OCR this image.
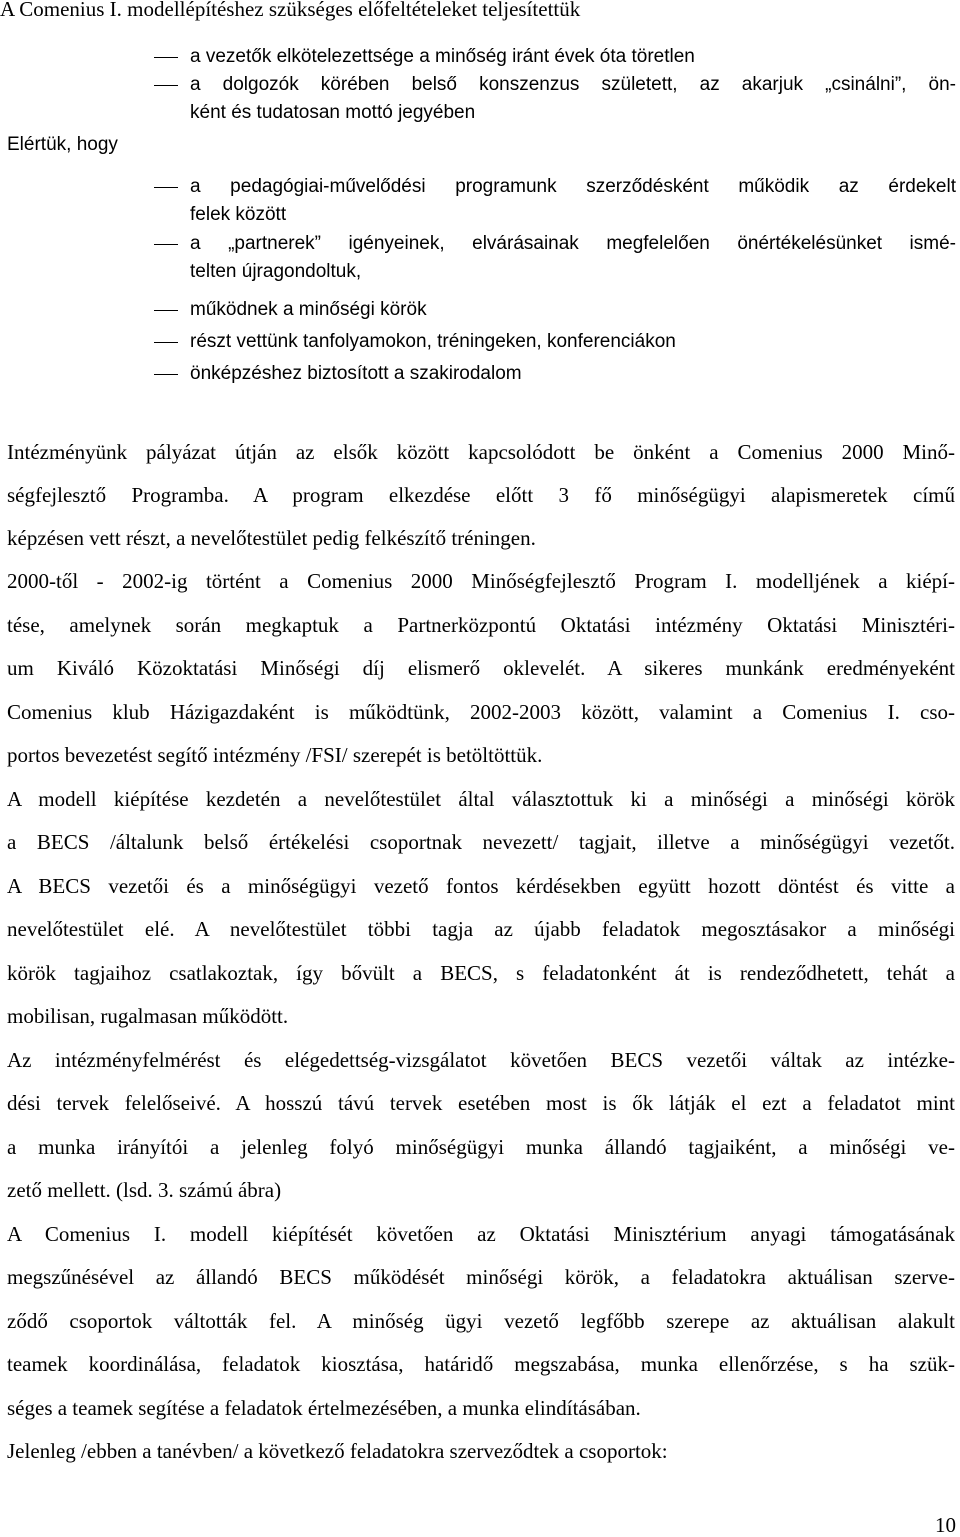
A Comenius I. modellépítéshez szükséges előfeltételeket teljesítettük
Elértük, hogy
a vezetők elkötelezettsége a minőség iránt évek óta töretlen
a dolgozók körében belső konszenzus született, az akarjuk „csinálni”, ön-
ként és tudatosan mottó jegyében
a pedagógiai-művelődési programunk szerződésként működik az érdekelt
felek között
a „partnerek” igényeinek, elvárásainak megfelelően önértékelésünket ismé-
telten újragondoltuk,
működnek a minőségi körök
részt vettünk tanfolyamokon, tréningeken, konferenciákon
önképzéshez biztosított a szakirodalom
Intézményünk pályázat útján az elsők között kapcsolódott be önként a Comenius 2000 Minő-
ségfejlesztő Programba. A program elkezdése előtt 3 fő minőségügyi alapismeretek című
képzésen vett részt, a nevelőtestület pedig felkészítő tréningen.
2000-től - 2002-ig történt a Comenius 2000 Minőségfejlesztő Program I. modelljének a kiépí-
tése, amelynek során megkaptuk a Partnerközpontú Oktatási intézmény Oktatási Minisztéri-
um Kiváló Közoktatási Minőségi díj elismerő oklevelét. A sikeres munkánk eredményeként
Comenius klub Házigazdaként is működtünk, 2002-2003 között, valamint a Comenius I. cso-
portos bevezetést segítő intézmény /FSI/ szerepét is betöltöttük.
A modell kiépítése kezdetén a nevelőtestület által választottuk ki a minőségi a minőségi körök
a BECS /általunk belső értékelési csoportnak nevezett/ tagjait, illetve a minőségügyi vezetőt.
A BECS vezetői és a minőségügyi vezető fontos kérdésekben együtt hozott döntést és vitte a
nevelőtestület elé. A nevelőtestület többi tagja az újabb feladatok megosztásakor a minőségi
körök tagjaihoz csatlakoztak, így bővült a BECS, s feladatonként át is rendeződhetett, tehát a
mobilisan, rugalmasan működött.
Az intézményfelmérést és elégedettség-vizsgálatot követően BECS vezetői váltak az intézke-
dési tervek felelőseivé. A hosszú távú tervek esetében most is ők látják el ezt a feladatot mint
a munka irányítói a jelenleg folyó minőségügyi munka állandó tagjaiként, a minőségi ve-
zető mellett. (lsd. 3. számú ábra)
A Comenius I. modell kiépítését követően az Oktatási Minisztérium anyagi támogatásának
megszűnésével az állandó BECS működését minőségi körök, a feladatokra aktuálisan szerve-
ződő csoportok váltották fel. A minőség ügyi vezető legfőbb szerepe az aktuálisan alakult
teamek koordinálása, feladatok kiosztása, határidő megszabása, munka ellenőrzése, s ha szük-
séges a teamek segítése a feladatok értelmezésében, a munka elindításában.
Jelenleg /ebben a tanévben/ a következő feladatokra szerveződtek a csoportok:
10
